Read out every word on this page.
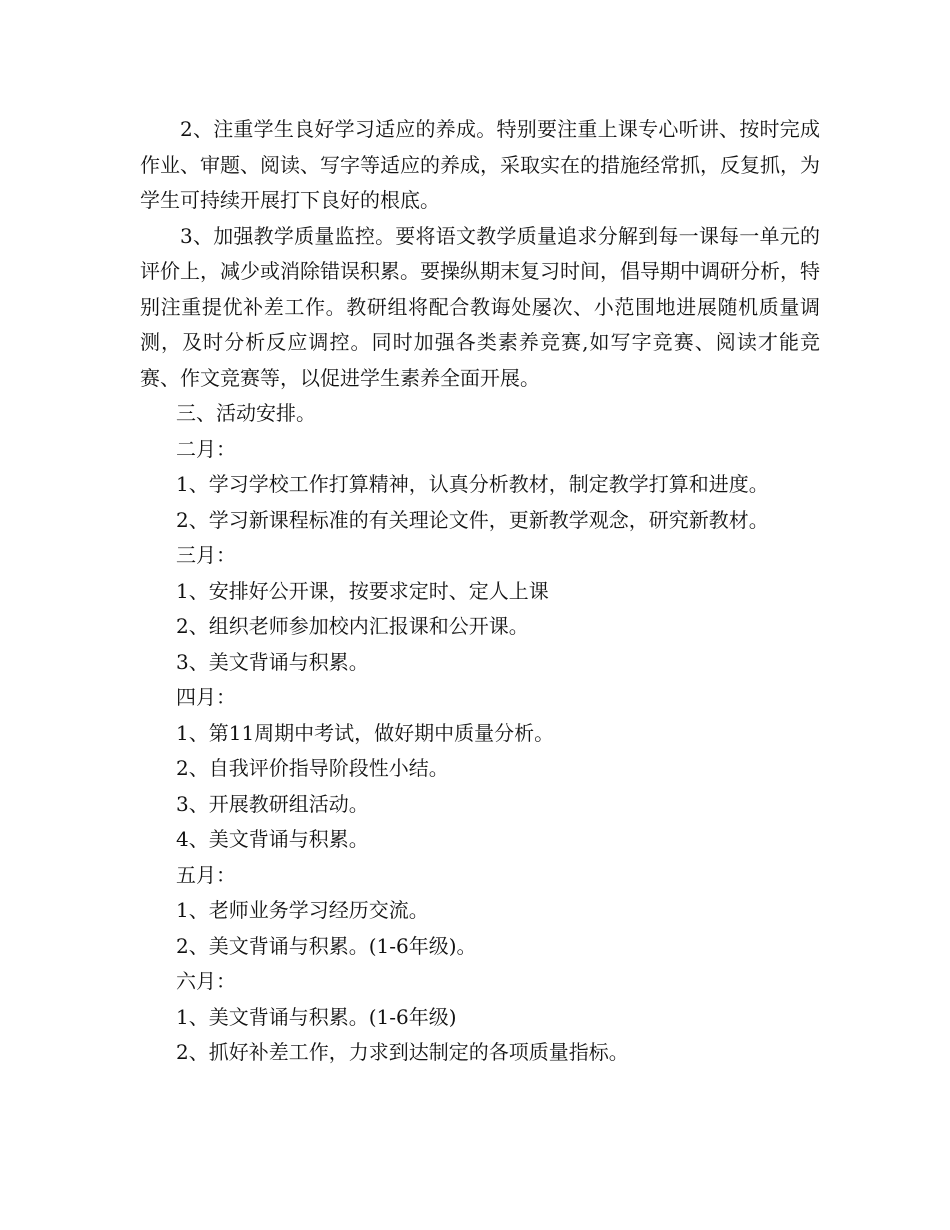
2、注重学生良好学习适应的养成。特别要注重上课专心听讲、按时完成作业、审题、阅读、写字等适应的养成，采取实在的措施经常抓，反复抓，为学生可持续开展打下良好的根底。

3、加强教学质量监控。要将语文教学质量追求分解到每一课每一单元的评价上，减少或消除错误积累。要操纵期末复习时间，倡导期中调研分析，特别注重提优补差工作。教研组将配合教诲处屡次、小范围地进展随机质量调测，及时分析反应调控。同时加强各类素养竞赛,如写字竞赛、阅读才能竞赛、作文竞赛等，以促进学生素养全面开展。

三、活动安排。

二月：

1、学习学校工作打算精神，认真分析教材，制定教学打算和进度。

2、学习新课程标准的有关理论文件，更新教学观念，研究新教材。

三月：

1、安排好公开课，按要求定时、定人上课

2、组织老师参加校内汇报课和公开课。

3、美文背诵与积累。

四月：

1、第11周期中考试，做好期中质量分析。

2、自我评价指导阶段性小结。

3、开展教研组活动。

4、美文背诵与积累。

五月：

1、老师业务学习经历交流。

2、美文背诵与积累。(1-6年级)。

六月：

1、美文背诵与积累。(1-6年级)

2、抓好补差工作，力求到达制定的各项质量指标。
